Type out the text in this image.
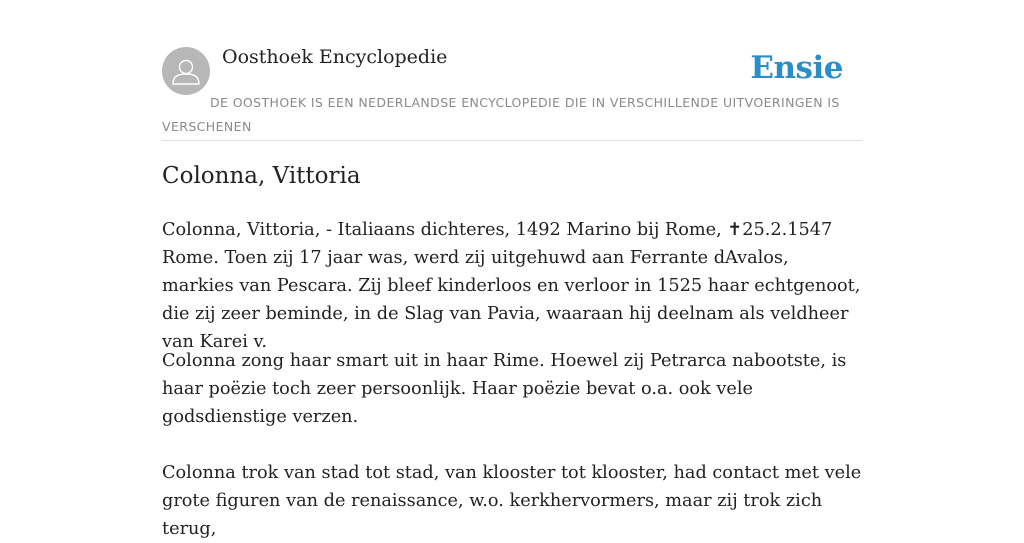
Oosthoek Encyclopedie	Ensie
DE OOSTHOEK IS EEN NEDERLANDSE ENCYCLOPEDIE DIE IN VERSCHILLENDE UITVOERINGEN IS VERSCHENEN
Colonna, Vittoria

Colonna, Vittoria, - Italiaans dichteres, 1492 Marino bij Rome, ✝25.2.1547 Rome. Toen zij 17 jaar was, werd zij uitgehuwd aan Ferrante dAvalos, markies van Pescara. Zij bleef kinderloos en verloor in 1525 haar echtgenoot, die zij zeer beminde, in de Slag van Pavia, waaraan hij deelnam als veldheer van Karei v.

Colonna zong haar smart uit in haar Rime. Hoewel zij Petrarca nabootste, is haar poëzie toch zeer persoonlijk. Haar poëzie bevat o.a. ook vele godsdienstige verzen.

Colonna trok van stad tot stad, van klooster tot klooster, had contact met vele grote figuren van de renaissance, w.o. kerkhervormers, maar zij trok zich terug,
